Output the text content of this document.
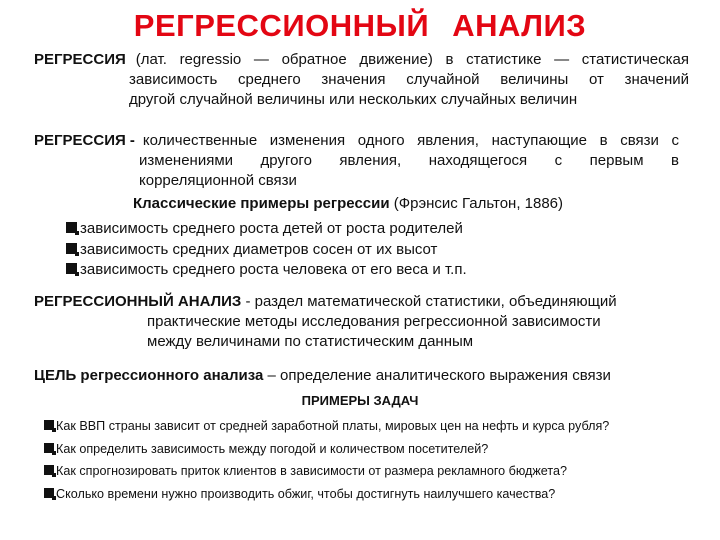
РЕГРЕССИОННЫЙ АНАЛИЗ
РЕГРЕССИЯ (лат. regressio — обратное движение) в статистике — статистическая
зависимость среднего значения случайной величины от значений
другой случайной величины или нескольких случайных величин
РЕГРЕССИЯ - количественные изменения одного явления, наступающие в связи с
изменениями другого явления, находящегося с первым в
корреляционной связи
Классические примеры регрессии (Фрэнсис Гальтон, 1886)
зависимость среднего роста детей от роста родителей
зависимость средних диаметров сосен от их высот
зависимость среднего роста человека от его веса и т.п.
РЕГРЕССИОННЫЙ АНАЛИЗ - раздел математической статистики, объединяющий
практические методы исследования регрессионной зависимости
между величинами по статистическим данным
ЦЕЛЬ регрессионного анализа – определение аналитического выражения связи
ПРИМЕРЫ ЗАДАЧ
Как ВВП страны зависит от средней заработной платы, мировых цен на нефть и курса рубля?
Как определить зависимость между погодой и количеством посетителей?
Как спрогнозировать приток клиентов в зависимости от размера рекламного бюджета?
Сколько времени нужно производить обжиг, чтобы достигнуть наилучшего качества?
